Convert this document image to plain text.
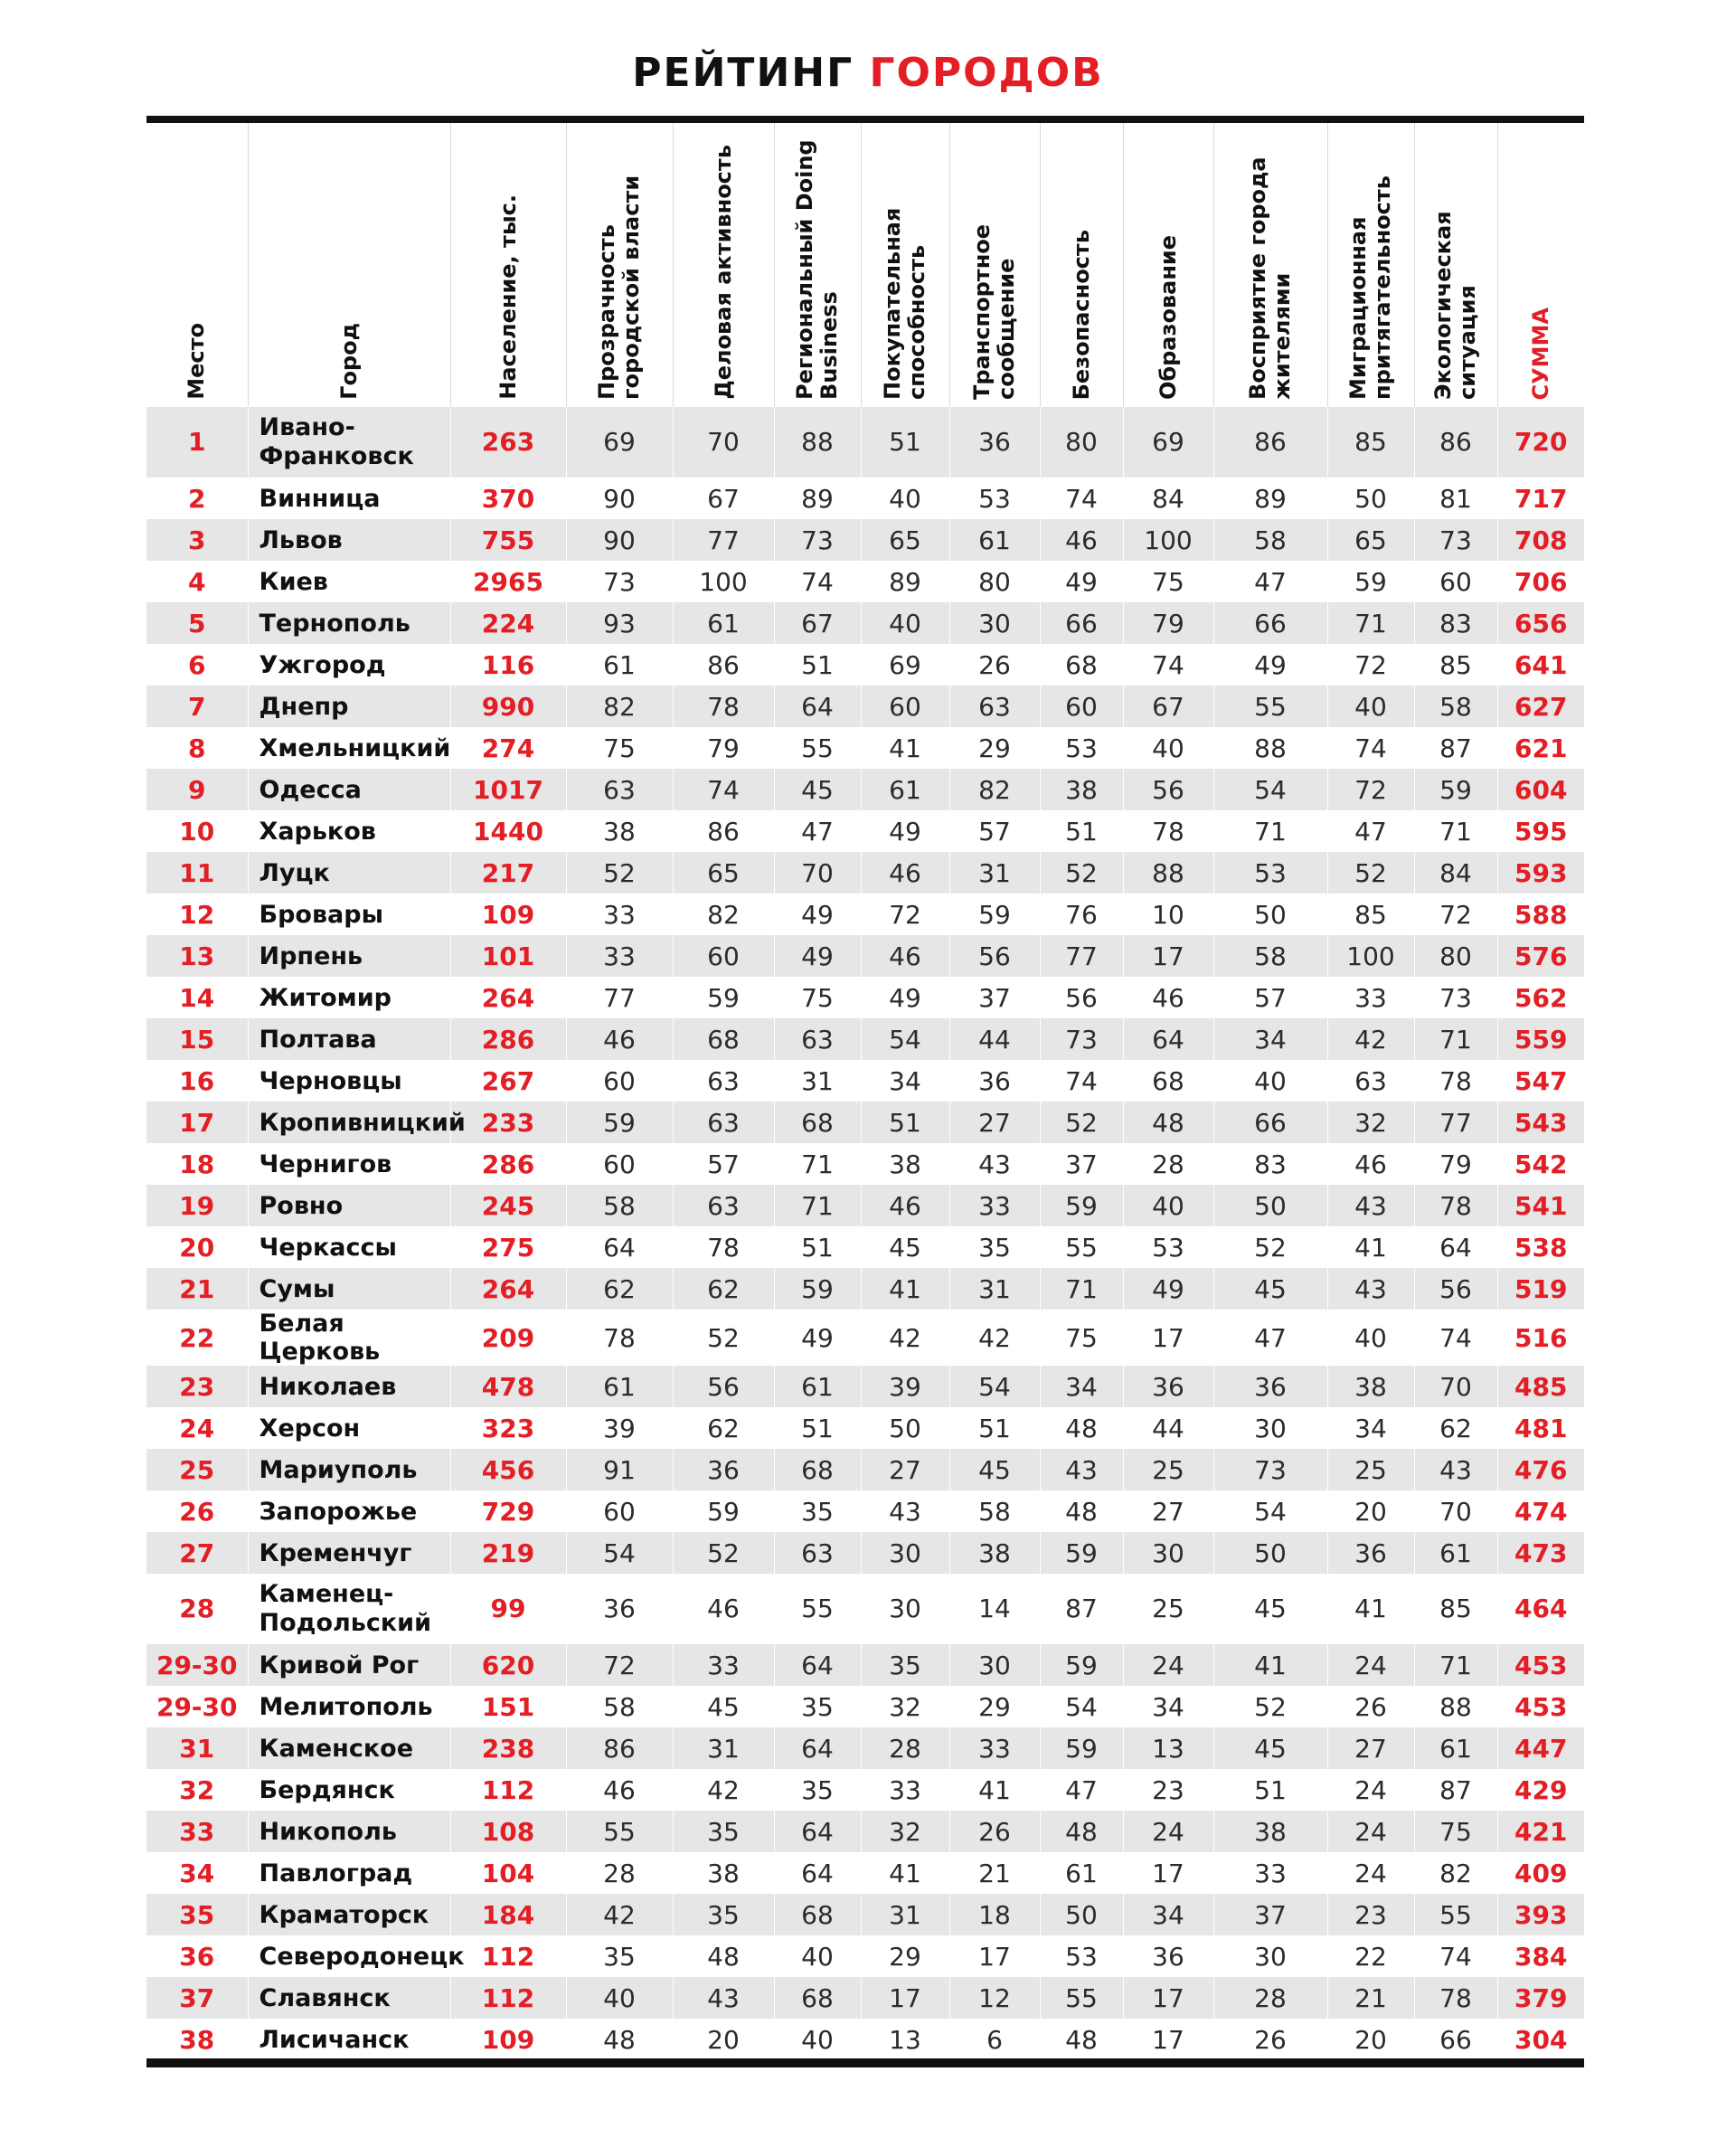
РЕЙТИНГ ГОРОДОВ
Место	Город	Население, тыс.	Прозрачность городской власти	Деловая активность	Региональный Doing Business	Покупательная способность	Транспортное сообщение	Безопасность	Образование	Восприятие города жителями	Миграционная притягательность	Экологическая ситуация	СУММА

1	Ивано-Франковск	263	69	70	88	51	36	80	69	86	85	86	720
2	Винница	370	90	67	89	40	53	74	84	89	50	81	717
3	Львов	755	90	77	73	65	61	46	100	58	65	73	708
4	Киев	2965	73	100	74	89	80	49	75	47	59	60	706
5	Тернополь	224	93	61	67	40	30	66	79	66	71	83	656
6	Ужгород	116	61	86	51	69	26	68	74	49	72	85	641
7	Днепр	990	82	78	64	60	63	60	67	55	40	58	627
8	Хмельницкий	274	75	79	55	41	29	53	40	88	74	87	621
9	Одесса	1017	63	74	45	61	82	38	56	54	72	59	604
10	Харьков	1440	38	86	47	49	57	51	78	71	47	71	595
11	Луцк	217	52	65	70	46	31	52	88	53	52	84	593
12	Бровары	109	33	82	49	72	59	76	10	50	85	72	588
13	Ирпень	101	33	60	49	46	56	77	17	58	100	80	576
14	Житомир	264	77	59	75	49	37	56	46	57	33	73	562
15	Полтава	286	46	68	63	54	44	73	64	34	42	71	559
16	Черновцы	267	60	63	31	34	36	74	68	40	63	78	547
17	Кропивницкий	233	59	63	68	51	27	52	48	66	32	77	543
18	Чернигов	286	60	57	71	38	43	37	28	83	46	79	542
19	Ровно	245	58	63	71	46	33	59	40	50	43	78	541
20	Черкассы	275	64	78	51	45	35	55	53	52	41	64	538
21	Сумы	264	62	62	59	41	31	71	49	45	43	56	519
22	Белая Церковь	209	78	52	49	42	42	75	17	47	40	74	516
23	Николаев	478	61	56	61	39	54	34	36	36	38	70	485
24	Херсон	323	39	62	51	50	51	48	44	30	34	62	481
25	Мариуполь	456	91	36	68	27	45	43	25	73	25	43	476
26	Запорожье	729	60	59	35	43	58	48	27	54	20	70	474
27	Кременчуг	219	54	52	63	30	38	59	30	50	36	61	473
28	Каменец-Подольский	99	36	46	55	30	14	87	25	45	41	85	464
29-30	Кривой Рог	620	72	33	64	35	30	59	24	41	24	71	453
29-30	Мелитополь	151	58	45	35	32	29	54	34	52	26	88	453
31	Каменское	238	86	31	64	28	33	59	13	45	27	61	447
32	Бердянск	112	46	42	35	33	41	47	23	51	24	87	429
33	Никополь	108	55	35	64	32	26	48	24	38	24	75	421
34	Павлоград	104	28	38	64	41	21	61	17	33	24	82	409
35	Краматорск	184	42	35	68	31	18	50	34	37	23	55	393
36	Северодонецк	112	35	48	40	29	17	53	36	30	22	74	384
37	Славянск	112	40	43	68	17	12	55	17	28	21	78	379
38	Лисичанск	109	48	20	40	13	6	48	17	26	20	66	304
